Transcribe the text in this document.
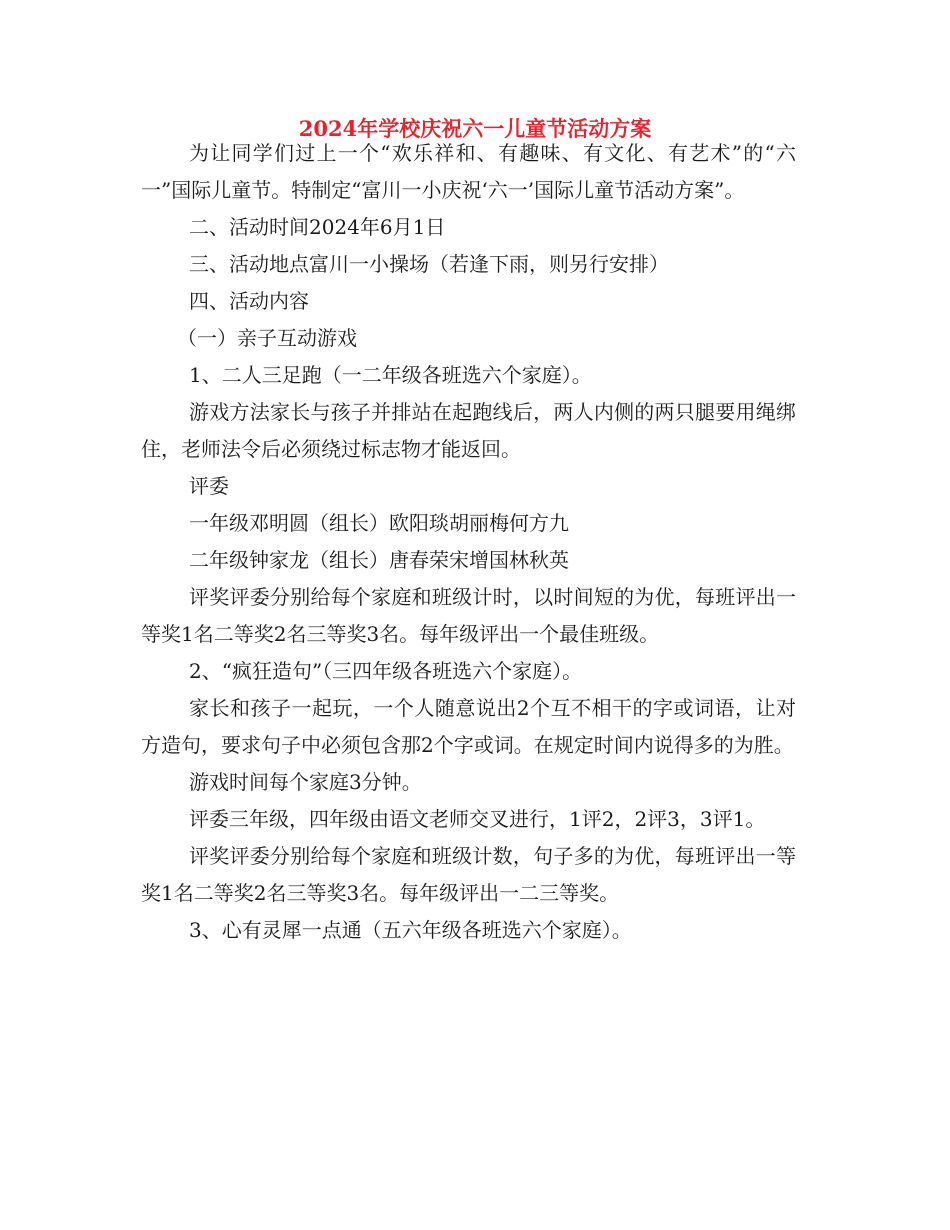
2024年学校庆祝六一儿童节活动方案

为让同学们过上一个“欢乐祥和、有趣味、有文化、有艺术”的“六一”国际儿童节。特制定“富川一小庆祝‘六一’国际儿童节活动方案”。

二、活动时间2024年6月1日

三、活动地点富川一小操场（若逢下雨，则另行安排）

四、活动内容

（一）亲子互动游戏

1、二人三足跑（一二年级各班选六个家庭）。

游戏方法家长与孩子并排站在起跑线后，两人内侧的两只腿要用绳绑住，老师法令后必须绕过标志物才能返回。

评委

一年级邓明圆（组长）欧阳琰胡丽梅何方九

二年级钟家龙（组长）唐春荣宋增国林秋英

评奖评委分别给每个家庭和班级计时，以时间短的为优，每班评出一等奖1名二等奖2名三等奖3名。每年级评出一个最佳班级。

2、“疯狂造句”（三四年级各班选六个家庭）。

家长和孩子一起玩，一个人随意说出2个互不相干的字或词语，让对方造句，要求句子中必须包含那2个字或词。在规定时间内说得多的为胜。

游戏时间每个家庭3分钟。

评委三年级，四年级由语文老师交叉进行，1评2，2评3，3评1。

评奖评委分别给每个家庭和班级计数，句子多的为优，每班评出一等奖1名二等奖2名三等奖3名。每年级评出一二三等奖。

3、心有灵犀一点通（五六年级各班选六个家庭）。
